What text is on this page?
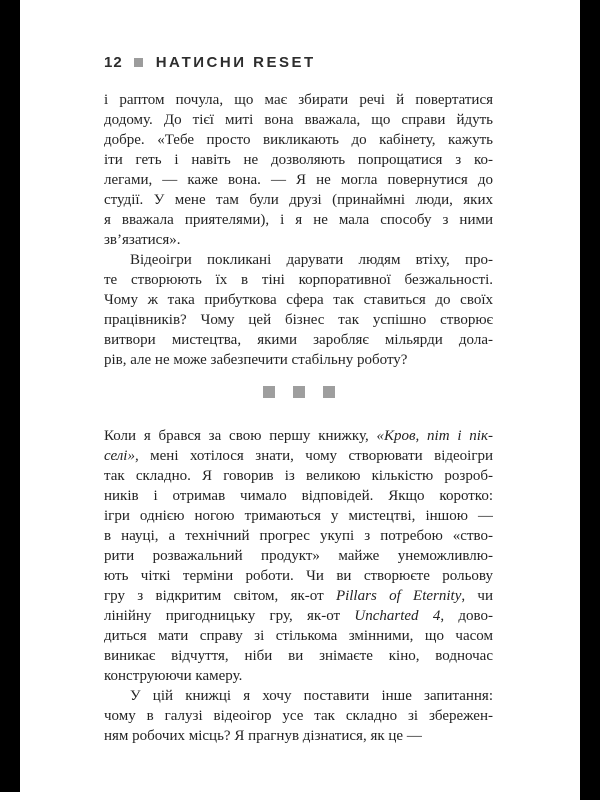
12 НАТИСНИ RESET
і раптом почула, що має збирати речі й повертатися
додому. До тієї миті вона вважала, що справи йдуть
добре. «Тебе просто викликають до кабінету, кажуть
іти геть і навіть не дозволяють попрощатися з ко-
легами, — каже вона. — Я не могла повернутися до
студії. У мене там були друзі (принаймні люди, яких
я вважала приятелями), і я не мала способу з ними
зв’язатися».
Відеоігри покликані дарувати людям втіху, про-
те створюють їх в тіні корпоративної безжальності.
Чому ж така прибуткова сфера так ставиться до своїх
працівників? Чому цей бізнес так успішно створює
витвори мистецтва, якими заробляє мільярди дола-
рів, але не може забезпечити стабільну роботу?
Коли я брався за свою першу книжку, «Кров, піт і пік-
селі», мені хотілося знати, чому створювати відеоігри
так складно. Я говорив із великою кількістю розроб-
ників і отримав чимало відповідей. Якщо коротко:
ігри однією ногою тримаються у мистецтві, іншою —
в науці, а технічний прогрес укупі з потребою «ство-
рити розважальний продукт» майже унеможливлю-
ють чіткі терміни роботи. Чи ви створюєте рольову
гру з відкритим світом, як-от Pillars of Eternity, чи
лінійну пригодницьку гру, як-от Uncharted 4, дово-
диться мати справу зі стількома змінними, що часом
виникає відчуття, ніби ви знімаєте кіно, водночас
конструюючи камеру.
У цій книжці я хочу поставити інше запитання:
чому в галузі відеоігор усе так складно зі збережен-
ням робочих місць? Я прагнув дізнатися, як це —
